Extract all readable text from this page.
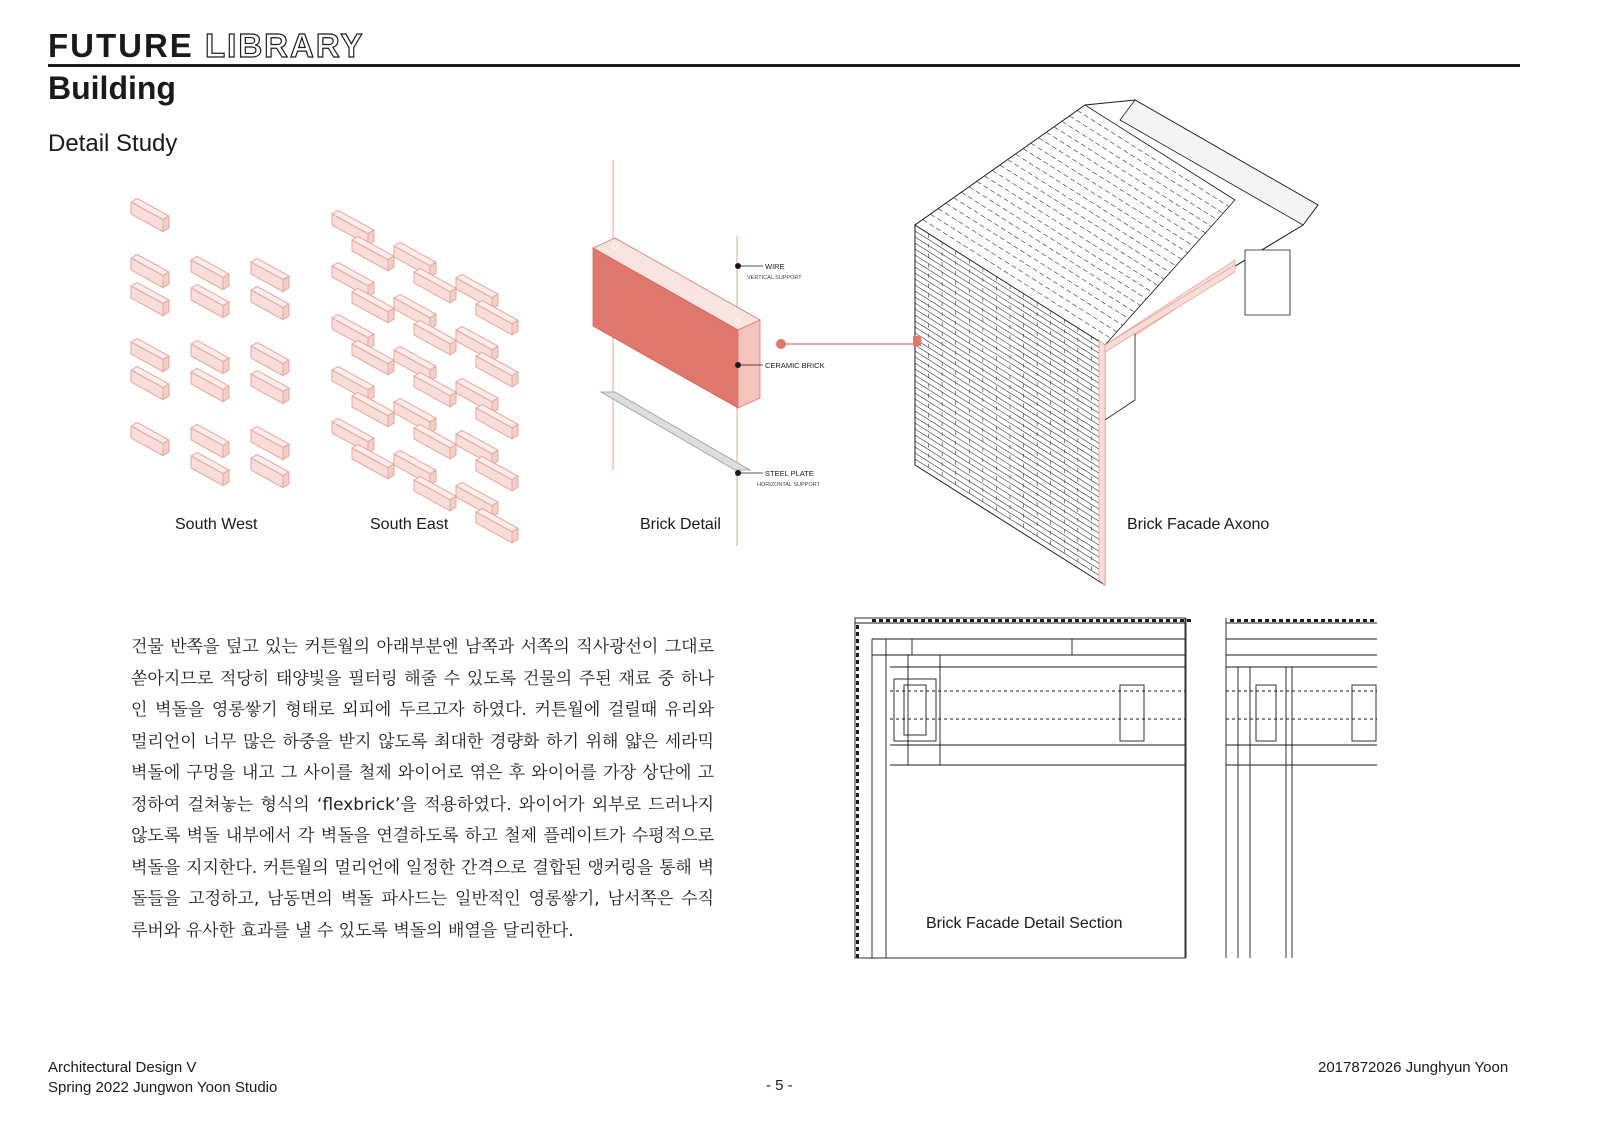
FUTURE LIBRARY
Building
Detail Study
WIRE
VERTICAL SUPPORT
CERAMIC BRICK
STEEL PLATE
HORIZONTAL SUPPORT
Brick Facade Detail Section
South West	South East	Brick Detail	Brick Facade Axono
건물 반쪽을 덮고 있는 커튼월의 아래부분엔 남쪽과 서쪽의 직사광선이 그대로 쏟아지므로 적당히 태양빛을 필터링 해줄 수 있도록 건물의 주된 재료 중 하나인 벽돌을 영롱쌓기 형태로 외피에 두르고자 하였다. 커튼월에 걸릴때 유리와 멀리언이 너무 많은 하중을 받지 않도록 최대한 경량화 하기 위해 얇은 세라믹 벽돌에 구멍을 내고 그 사이를 철제 와이어로 엮은 후 와이어를 가장 상단에 고정하여 걸쳐놓는 형식의 ‘flexbrick’을 적용하였다. 와이어가 외부로 드러나지 않도록 벽돌 내부에서 각 벽돌을 연결하도록 하고 철제 플레이트가 수평적으로 벽돌을 지지한다. 커튼월의 멀리언에 일정한 간격으로 결합된 앵커링을 통해 벽돌들을 고정하고, 남동면의 벽돌 파사드는 일반적인 영롱쌓기, 남서쪽은 수직 루버와 유사한 효과를 낼 수 있도록 벽돌의 배열을 달리한다.
Architectural Design V
Spring 2022 Jungwon Yoon Studio	- 5 -
2017872026 Junghyun Yoon
